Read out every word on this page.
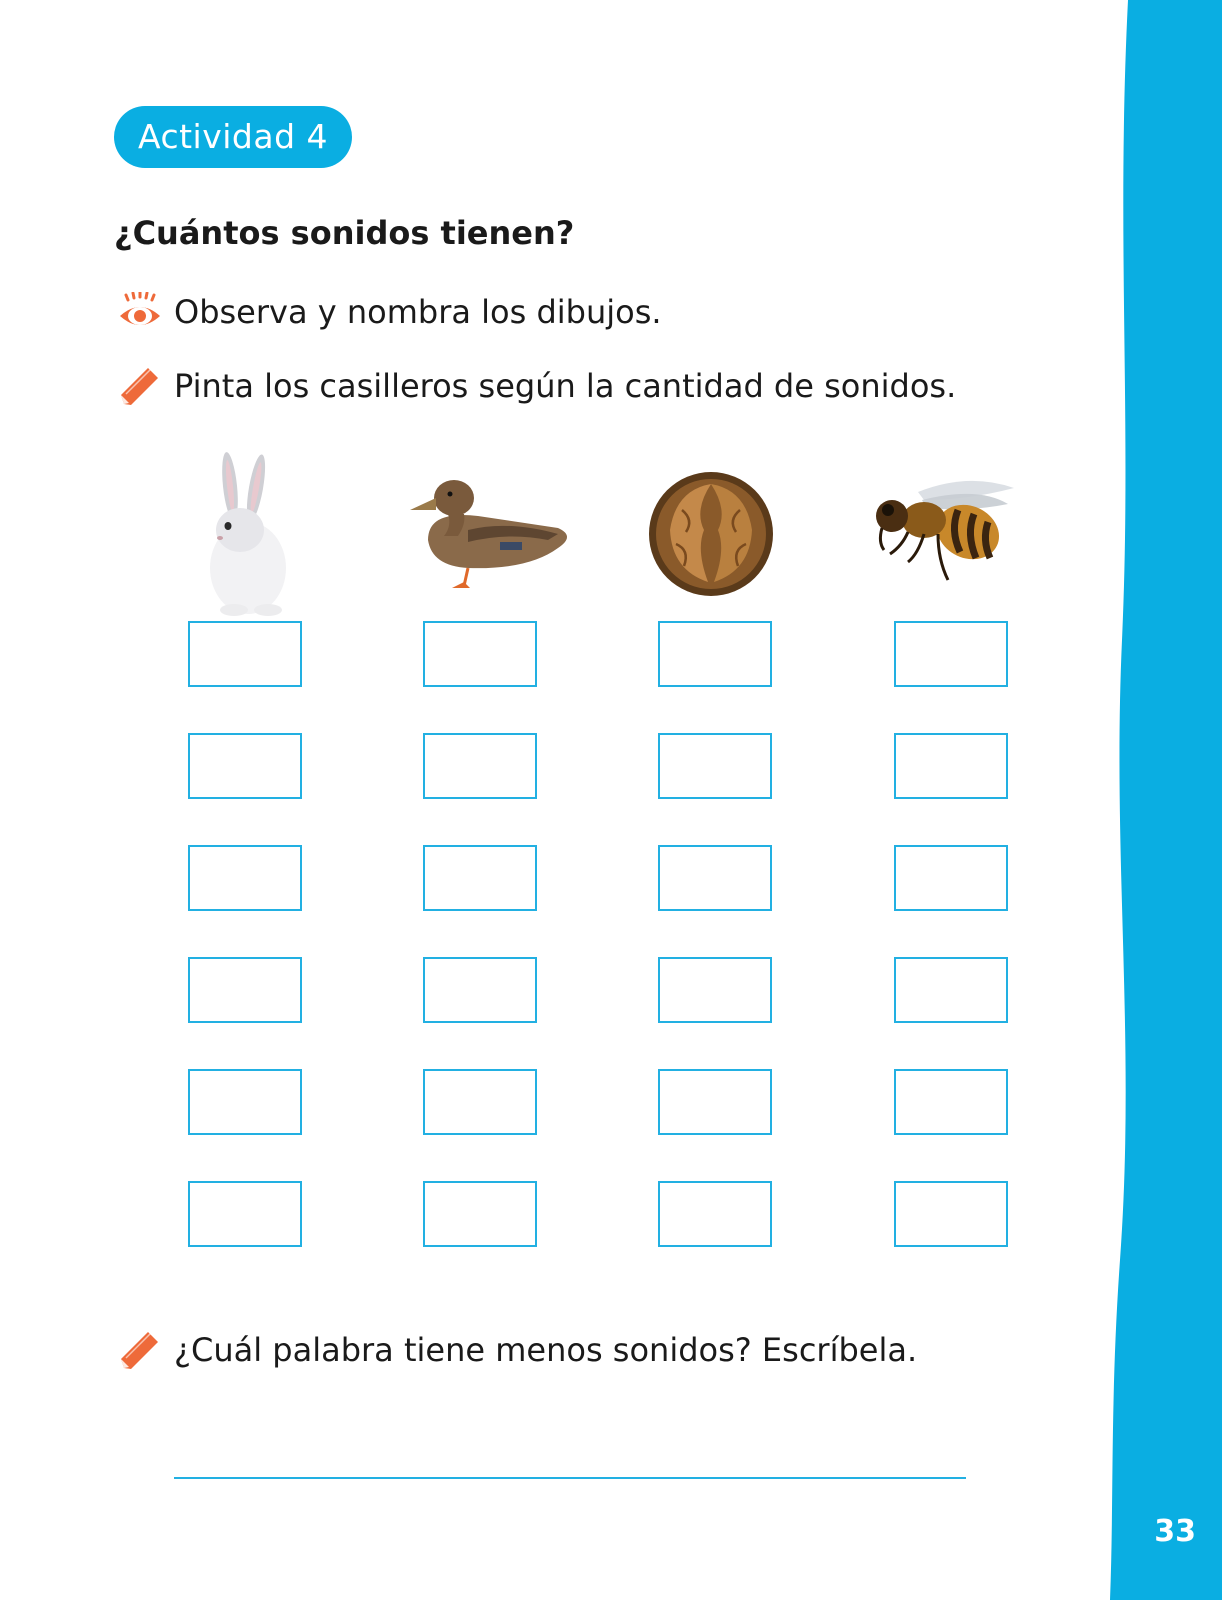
Actividad 4
¿Cuántos sonidos tienen?
Observa y nombra los dibujos.
Pinta los casilleros según la cantidad de sonidos.
¿Cuál palabra tiene menos sonidos? Escríbela.
33
